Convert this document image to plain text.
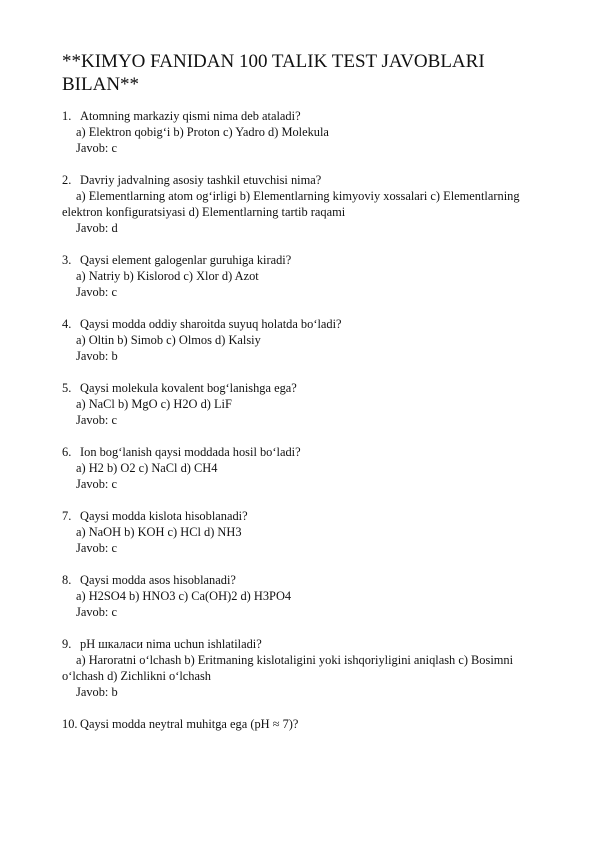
**KIMYO FANIDAN 100 TALIK TEST JAVOBLARI BILAN**
1. Atomning markaziy qismi nima deb ataladi?
a) Elektron qobig‘i b) Proton c) Yadro d) Molekula
Javob: c
2. Davriy jadvalning asosiy tashkil etuvchisi nima?
a) Elementlarning atom og‘irligi b) Elementlarning kimyoviy xossalari c) Elementlarning elektron konfiguratsiyasi d) Elementlarning tartib raqami
Javob: d
3. Qaysi element galogenlar guruhiga kiradi?
a) Natriy b) Kislorod c) Xlor d) Azot
Javob: c
4. Qaysi modda oddiy sharoitda suyuq holatda bo‘ladi?
a) Oltin b) Simob c) Olmos d) Kalsiy
Javob: b
5. Qaysi molekula kovalent bog‘lanishga ega?
a) NaCl b) MgO c) H2O d) LiF
Javob: c
6. Ion bog‘lanish qaysi moddada hosil bo‘ladi?
a) H2 b) O2 c) NaCl d) CH4
Javob: c
7. Qaysi modda kislota hisoblanadi?
a) NaOH b) KOH c) HCl d) NH3
Javob: c
8. Qaysi modda asos hisoblanadi?
a) H2SO4 b) HNO3 c) Ca(OH)2 d) H3PO4
Javob: c
9. pH шкаласи nima uchun ishlatiladi?
a) Haroratni o‘lchash b) Eritmaning kislotaligini yoki ishqoriyligini aniqlash c) Bosimni o‘lchash d) Zichlikni o‘lchash
Javob: b
10. Qaysi modda neytral muhitga ega (pH ≈ 7)?
